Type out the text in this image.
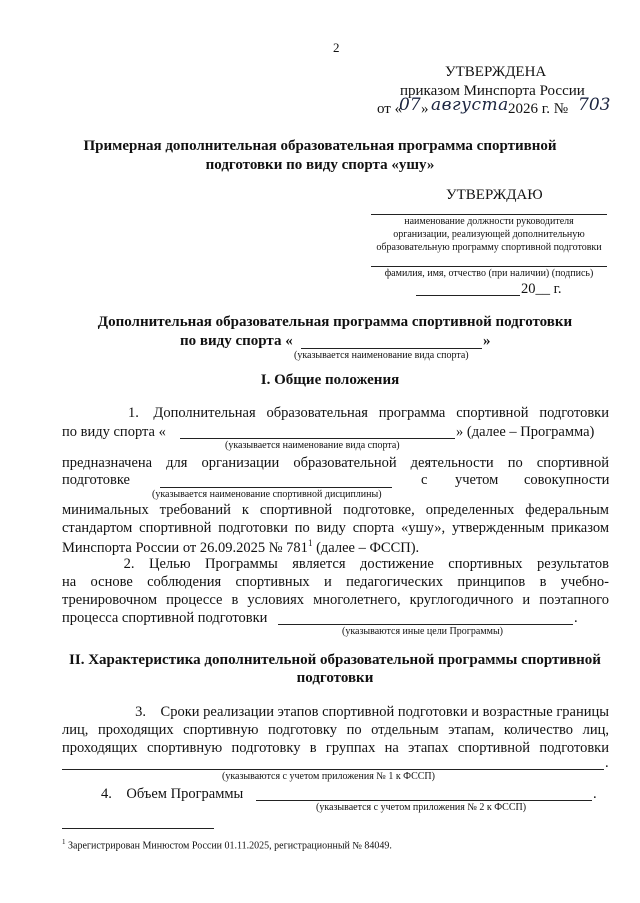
2
УТВЕРЖДЕНА
приказом Минспорта России
от «
07 » августа 2026 г. № 703
Примерная дополнительная образовательная программа спортивной
подготовки по виду спорта «ушу»
УТВЕРЖДАЮ
наименование должности руководителя
организации, реализующей дополнительную
образовательную программу спортивной подготовки
фамилия, имя, отчество (при наличии) (подпись)
20__ г.
Дополнительная образовательная программа спортивной подготовки
по виду спорта «	»
(указывается наименование вида спорта)
I. Общие положения
1.    Дополнительная   образовательная   программа   спортивной   подготовки
по виду спорта «	» (далее – Программа)
(указывается наименование вида спорта)
предназначена для организации образовательной деятельности по спортивной
подготовке	с учетом совокупности
(указывается наименование спортивной дисциплины)
минимальных требований к спортивной подготовке, определенных федеральным
стандартом спортивной подготовки по виду спорта «ушу», утвержденным приказом
Минспорта России от 26.09.2025 № $781^1$ (далее – ФССП).
2.    Целью    Программы    является    достижение    спортивных    результатов
на основе соблюдения спортивных и педагогических принципов в учебно-
тренировочном процессе в условиях многолетнего, круглогодичного и поэтапного
процесса спортивной подготовки	.
(указываются иные цели Программы)
II. Характеристика дополнительной образовательной программы спортивной
подготовки
3.    Сроки реализации этапов спортивной подготовки и возрастные границы
лиц, проходящих спортивную подготовку по отдельным этапам, количество лиц,
проходящих спортивную подготовку в группах на этапах спортивной подготовки
.
(указываются с учетом приложения № 1 к ФССП)
4.    Объем Программы	.
(указывается с учетом приложения № 2 к ФССП)
$^1$ Зарегистрирован Минюстом России 01.11.2025, регистрационный № 84049.
